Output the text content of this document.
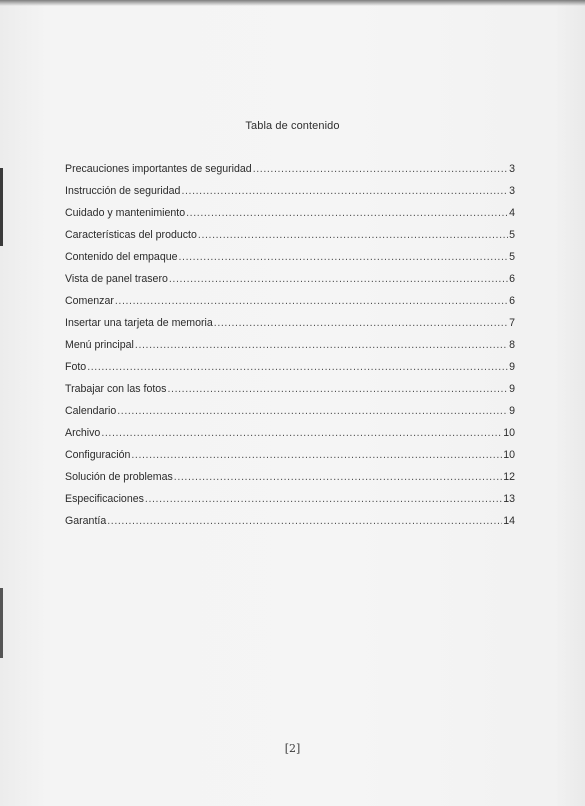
Tabla de contenido
Precauciones importantes de seguridad .....	3
Instrucción de seguridad .....	3
Cuidado y mantenimiento .....	4
Características del producto .....	5
Contenido del empaque .....	5
Vista de panel trasero .....	6
Comenzar .....	6
Insertar una tarjeta de memoria .....	7
Menú principal .....	8
Foto .....	9
Trabajar con las fotos .....	9
Calendario .....	9
Archivo .....	10
Configuración .....	10
Solución de problemas .....	12
Especificaciones .....	13
Garantía .....	14
[2]
